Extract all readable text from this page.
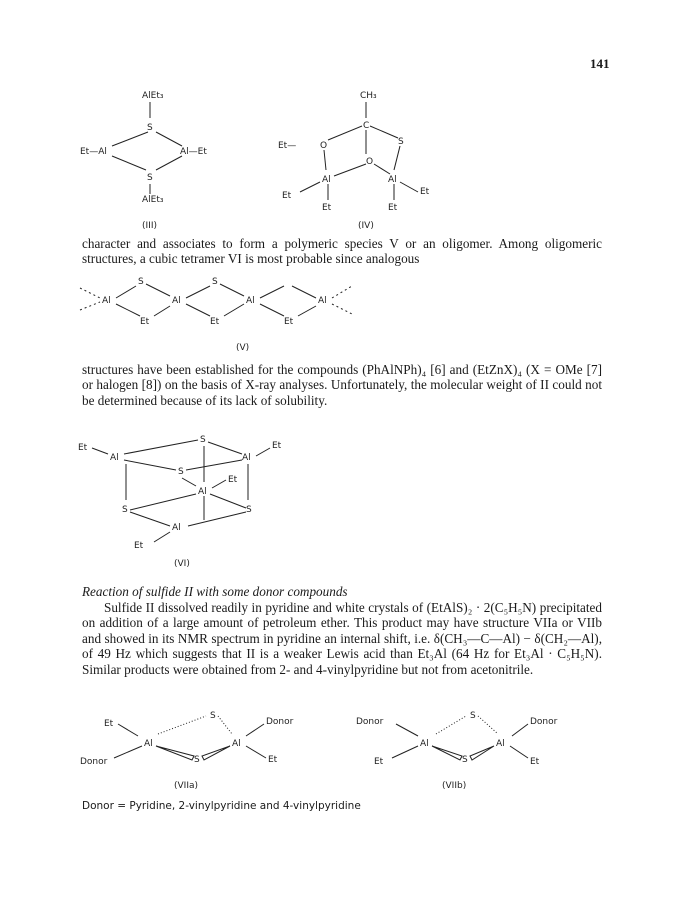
141
AlEt₃
S
Et—Al	Al—Et
S
AlEt₃
(III)
CH₃
C
S
Et—	O
O
Al	Al
Et
Et
Et
Et
(IV)

character and associates to form a polymeric species V or an oligomer. Among oligomeric structures, a cubic tetramer VI is most probable since analogous

Al
S
Et
Al
Et
S
Al
Et
Al
(V)

structures have been established for the compounds (PhAlNPh)₄ [6] and (EtZnX)₄ (X = OMe [7] or halogen [8]) on the basis of X-ray analyses. Unfortunately, the molecular weight of II could not be determined because of its lack of solubility.

Et
Al
S
Al
Et
S
Al
Et
S	S
Al
Et
(VI)
Reaction of sulfide II with some donor compounds

Sulfide II dissolved readily in pyridine and white crystals of (EtAlS)₂ · 2(C₅H₅N) precipitated on addition of a large amount of petroleum ether. This product may have structure VIIa or VIIb and showed in its NMR spectrum in pyridine an internal shift, i.e. δ(CH₃—C—Al) − δ(CH₂—Al), of 49 Hz which suggests that II is a weaker Lewis acid than Et₃Al (64 Hz for Et₃Al · C₅H₅N). Similar products were obtained from 2- and 4-vinylpyridine but not from acetonitrile.

Et
S
Donor
Al	Al
S
Donor	Et
(VIIa)
Donor
S
Donor
Al	Al
S
Et	Et
(VIIb)
Donor = Pyridine, 2-vinylpyridine and 4-vinylpyridine
